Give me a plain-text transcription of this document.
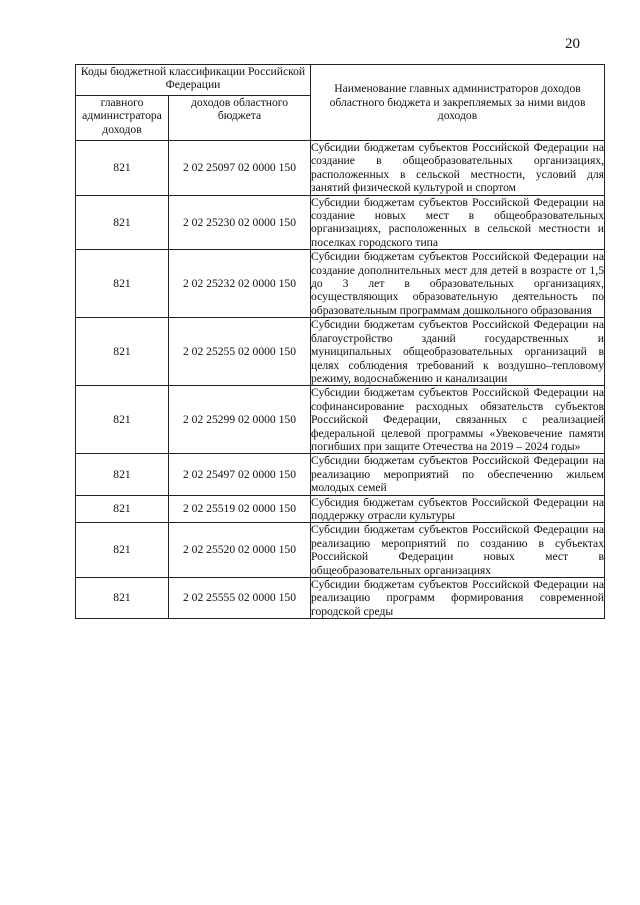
20
Коды бюджетной классификации Российской Федерации		Наименование главных администраторов доходов областного бюджета и закрепляемых за ними видов доходов
главного администратора доходов	доходов областного бюджета	
821	2 02 25097 02 0000 150	Субсидии бюджетам субъектов Российской Федерации на создание в общеобразовательных организациях, расположенных в сельской местности, условий для занятий физической культурой и спортом
821	2 02 25230 02 0000 150	Субсидии бюджетам субъектов Российской Федерации на создание новых мест в общеобразовательных организациях, расположенных в сельской местности и поселках городского типа
821	2 02 25232 02 0000 150	Субсидии бюджетам субъектов Российской Федерации на создание дополнительных мест для детей в возрасте от 1,5 до 3 лет в образовательных организациях, осуществляющих образовательную деятельность по образовательным программам дошкольного образования
821	2 02 25255 02 0000 150	Субсидии бюджетам субъектов Российской Федерации на благоустройство зданий государственных и муниципальных общеобразовательных организаций в целях соблюдения требований к воздушно–тепловому режиму, водоснабжению и канализации
821	2 02 25299 02 0000 150	Субсидии бюджетам субъектов Российской Федерации на софинансирование расходных обязательств субъектов Российской Федерации, связанных с реализацией федеральной целевой программы «Увековечение памяти погибших при защите Отечества на 2019 – 2024 годы»
821	2 02 25497 02 0000 150	Субсидии бюджетам субъектов Российской Федерации на реализацию мероприятий по обеспечению жильем молодых семей
821	2 02 25519 02 0000 150	Субсидия бюджетам субъектов Российской Федерации на поддержку отрасли культуры
821	2 02 25520 02 0000 150	Субсидии бюджетам субъектов Российской Федерации на реализацию мероприятий по созданию в субъектах Российской Федерации новых мест в общеобразовательных организациях
821	2 02 25555 02 0000 150	Субсидии бюджетам субъектов Российской Федерации на реализацию программ формирования современной городской среды
